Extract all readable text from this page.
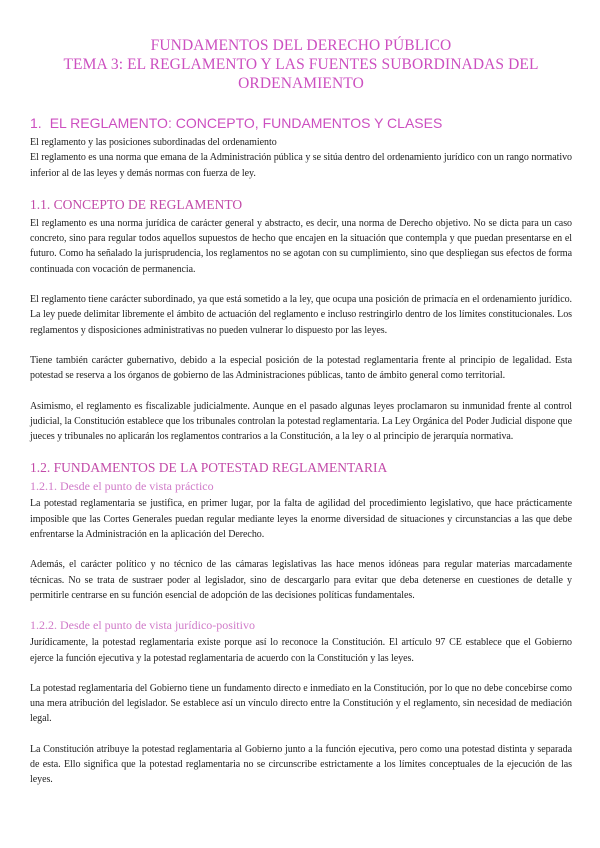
FUNDAMENTOS DEL DERECHO PÚBLICO
TEMA 3: EL REGLAMENTO Y LAS FUENTES SUBORDINADAS DEL
ORDENAMIENTO
1. EL REGLAMENTO: CONCEPTO, FUNDAMENTOS Y CLASES
El reglamento y las posiciones subordinadas del ordenamiento
El reglamento es una norma que emana de la Administración pública y se sitúa dentro del ordenamiento jurídico con un rango normativo inferior al de las leyes y demás normas con fuerza de ley.
1.1. CONCEPTO DE REGLAMENTO
El reglamento es una norma jurídica de carácter general y abstracto, es decir, una norma de Derecho objetivo. No se dicta para un caso concreto, sino para regular todos aquellos supuestos de hecho que encajen en la situación que contempla y que puedan presentarse en el futuro. Como ha señalado la jurisprudencia, los reglamentos no se agotan con su cumplimiento, sino que despliegan sus efectos de forma continuada con vocación de permanencia.
El reglamento tiene carácter subordinado, ya que está sometido a la ley, que ocupa una posición de primacía en el ordenamiento jurídico. La ley puede delimitar libremente el ámbito de actuación del reglamento e incluso restringirlo dentro de los límites constitucionales. Los reglamentos y disposiciones administrativas no pueden vulnerar lo dispuesto por las leyes.
Tiene también carácter gubernativo, debido a la especial posición de la potestad reglamentaria frente al principio de legalidad. Esta potestad se reserva a los órganos de gobierno de las Administraciones públicas, tanto de ámbito general como territorial.
Asimismo, el reglamento es fiscalizable judicialmente. Aunque en el pasado algunas leyes proclamaron su inmunidad frente al control judicial, la Constitución establece que los tribunales controlan la potestad reglamentaria. La Ley Orgánica del Poder Judicial dispone que jueces y tribunales no aplicarán los reglamentos contrarios a la Constitución, a la ley o al principio de jerarquía normativa.
1.2. FUNDAMENTOS DE LA POTESTAD REGLAMENTARIA
1.2.1. Desde el punto de vista práctico
La potestad reglamentaria se justifica, en primer lugar, por la falta de agilidad del procedimiento legislativo, que hace prácticamente imposible que las Cortes Generales puedan regular mediante leyes la enorme diversidad de situaciones y circunstancias a las que debe enfrentarse la Administración en la aplicación del Derecho.
Además, el carácter político y no técnico de las cámaras legislativas las hace menos idóneas para regular materias marcadamente técnicas. No se trata de sustraer poder al legislador, sino de descargarlo para evitar que deba detenerse en cuestiones de detalle y permitirle centrarse en su función esencial de adopción de las decisiones políticas fundamentales.
1.2.2. Desde el punto de vista jurídico-positivo
Jurídicamente, la potestad reglamentaria existe porque así lo reconoce la Constitución. El artículo 97 CE establece que el Gobierno ejerce la función ejecutiva y la potestad reglamentaria de acuerdo con la Constitución y las leyes.
La potestad reglamentaria del Gobierno tiene un fundamento directo e inmediato en la Constitución, por lo que no debe concebirse como una mera atribución del legislador. Se establece así un vínculo directo entre la Constitución y el reglamento, sin necesidad de mediación legal.
La Constitución atribuye la potestad reglamentaria al Gobierno junto a la función ejecutiva, pero como una potestad distinta y separada de esta. Ello significa que la potestad reglamentaria no se circunscribe estrictamente a los límites conceptuales de la ejecución de las leyes.
